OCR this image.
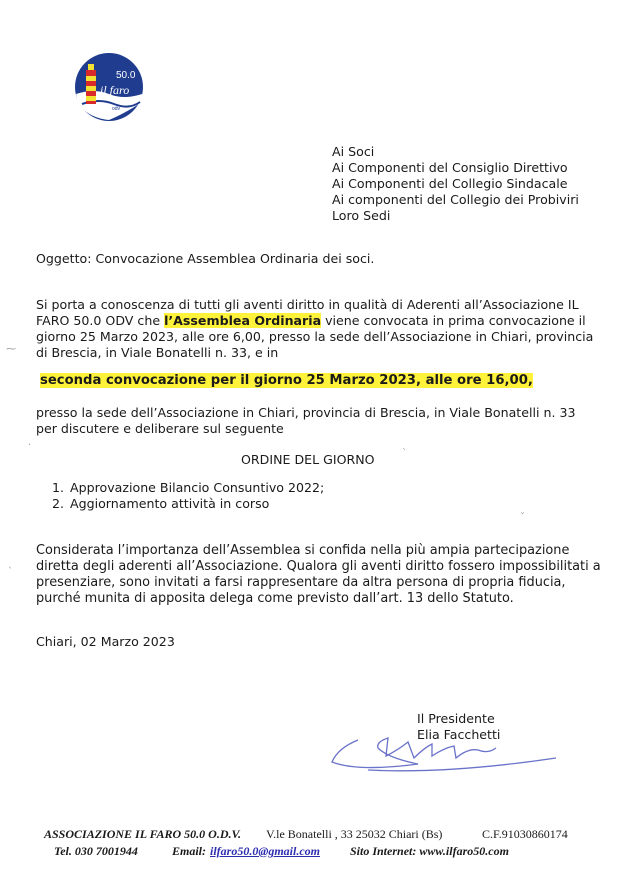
50.0
il faro
odv
Ai Soci
Ai Componenti del Consiglio Direttivo
Ai Componenti del Collegio Sindacale
Ai componenti del Collegio dei Probiviri
Loro Sedi
Oggetto: Convocazione Assemblea Ordinaria dei soci.
Si porta a conoscenza di tutti gli aventi diritto in qualità di Aderenti all’Associazione IL
FARO 50.0 ODV che l’Assemblea Ordinaria viene convocata in prima convocazione il
giorno 25 Marzo 2023, alle ore 6,00, presso la sede dell’Associazione in Chiari, provincia
di Brescia, in Viale Bonatelli n. 33, e in
seconda convocazione per il giorno 25 Marzo 2023, alle ore 16,00,
presso la sede dell’Associazione in Chiari, provincia di Brescia, in Viale Bonatelli n. 33
per discutere e deliberare sul seguente
ORDINE DEL GIORNO
1. Approvazione Bilancio Consuntivo 2022;
2. Aggiornamento attività in corso
Considerata l’importanza dell’Assemblea si confida nella più ampia partecipazione
diretta degli aderenti all’Associazione. Qualora gli aventi diritto fossero impossibilitati a
presenziare, sono invitati a farsi rappresentare da altra persona di propria fiducia,
purché munita di apposita delega come previsto dall’art. 13 dello Statuto.
Chiari, 02 Marzo 2023
Il Presidente
Elia Facchetti
⁓
·
ˋ
ˇ
ˎ
ASSOCIAZIONE IL FARO 50.0 O.D.V. V.le Bonatelli , 33 25032 Chiari (Bs)	C.F.91030860174
Tel. 030 7001944	Email: ilfaro50.0@gmail.com	Sito Internet: www.ilfaro50.com
